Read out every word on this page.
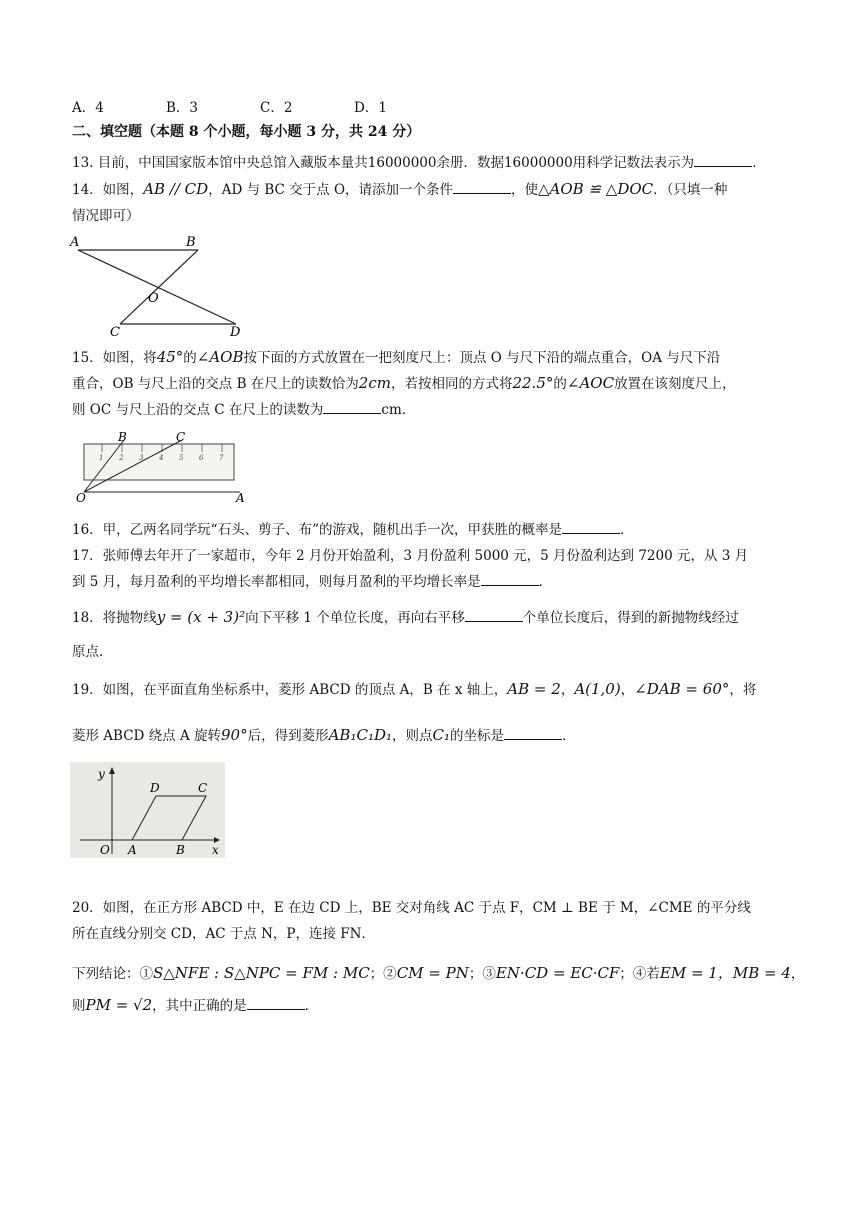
A．4	B．3	C．2	D．1
二、填空题（本题 8 个小题，每小题 3 分，共 24 分）
13. 目前，中国国家版本馆中央总馆入藏版本量共16000000余册．数据16000000用科学记数法表示为	．
14．如图，AB // CD，AD 与 BC 交于点 O，请添加一个条件	，使△AOB ≌ △DOC．（只填一种
情况即可）
A	B
O
C	D
15．如图，将45°的∠AOB按下面的方式放置在一把刻度尺上：顶点 O 与尺下沿的端点重合，OA 与尺下沿
重合，OB 与尺上沿的交点 B 在尺上的读数恰为2cm，若按相同的方式将22.5°的∠AOC放置在该刻度尺上，
则 OC 与尺上沿的交点 C 在尺上的读数为	cm．
1 2 3 4 5 6 7
B	C
O	A
16．甲，乙两名同学玩“石头、剪子、布”的游戏，随机出手一次，甲获胜的概率是	．
17．张师傅去年开了一家超市，今年 2 月份开始盈利，3 月份盈利 5000 元，5 月份盈利达到 7200 元，从 3 月
到 5 月，每月盈利的平均增长率都相同，则每月盈利的平均增长率是	．
18．将抛物线y = (x + 3)²向下平移 1 个单位长度，再向右平移	个单位长度后，得到的新抛物线经过
原点．
19．如图，在平面直角坐标系中，菱形 ABCD 的顶点 A，B 在 x 轴上，AB = 2，A(1,0)，∠DAB = 60°，将
菱形 ABCD 绕点 A 旋转90°后，得到菱形AB₁C₁D₁，则点C₁的坐标是	．
y
x
O A	B
C
D
20．如图，在正方形 ABCD 中，E 在边 CD 上，BE 交对角线 AC 于点 F，CM ⊥ BE 于 M，∠CME 的平分线
所在直线分别交 CD，AC 于点 N，P，连接 FN．
下列结论：①S△NFE : S△NPC = FM : MC；②CM = PN；③EN·CD = EC·CF；④若EM = 1，MB = 4，
则PM = √2，其中正确的是	．
